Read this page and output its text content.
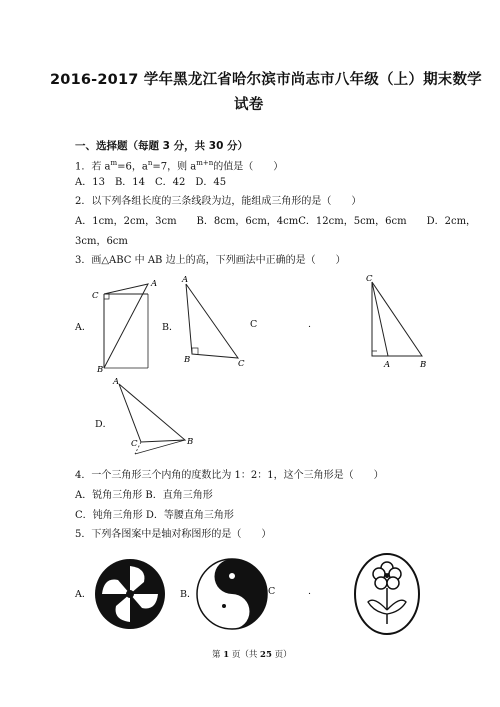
2016-2017 学年黑龙江省哈尔滨市尚志市八年级（上）期末数学
试卷
一、选择题（每题 3 分，共 30 分）
1．若 $a^m=6$，$a^n=7$，则 $a^{m+n}$的值是（　　）
A．13　B．14　C．42　D．45
2．以下列各组长度的三条线段为边，能组成三角形的是（　　）
A．1cm，2cm，3cm　　B．8cm，6cm，4cmC．12cm，5cm，6cm　　D．2cm，
3cm，6cm
3．画△ABC 中 AB 边上的高，下列画法中正确的是（　　）
A．
C
A
B
B．
A
B	C
C	.
C
A	B
D．
A
C	B
4．一个三角形三个内角的度数比为 1：2：1，这个三角形是（　　）
A．锐角三角形 B．直角三角形
C．钝角三角形 D．等腰直角三角形
5．下列各图案中是轴对称图形的是（　　）
A．	B．	C	.
第 1 页（共 25 页）
